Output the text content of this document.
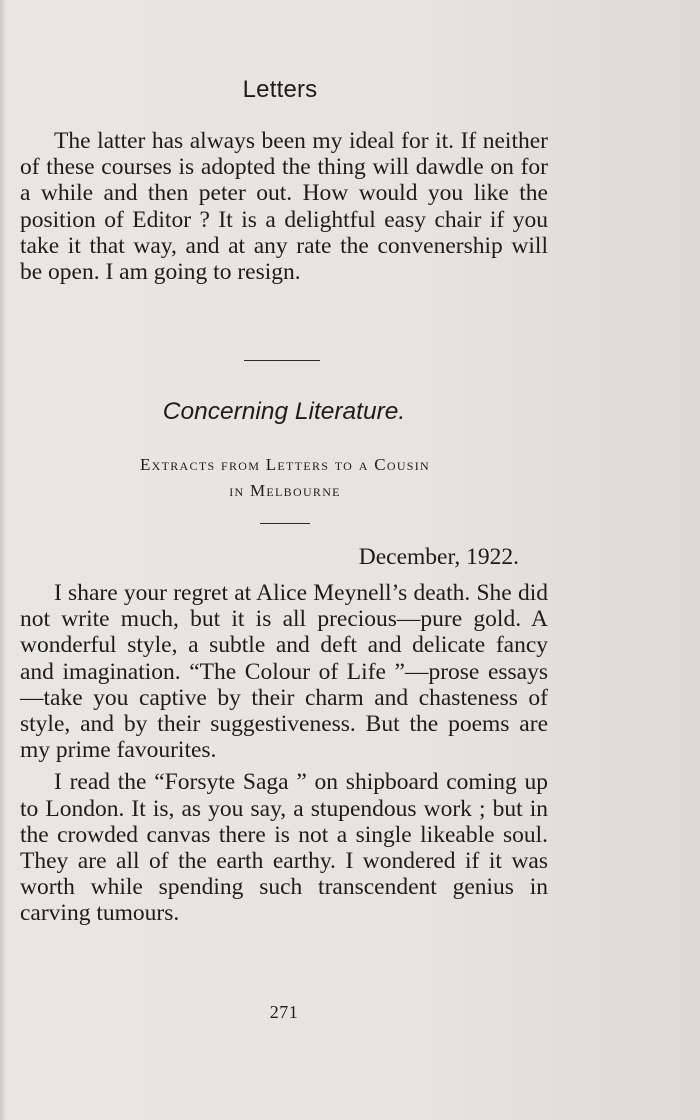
Letters

The latter has always been my ideal for it. If neither of these courses is adopted the thing will dawdle on for a while and then peter out. How would you like the position of Editor ? It is a delightful easy chair if you take it that way, and at any rate the convenership will be open. I am going to resign.

Concerning Literature.
Extracts from Letters to a Cousin
in Melbourne
December, 1922.

I share your regret at Alice Meynell’s death. She did not write much, but it is all precious—pure gold. A wonderful style, a subtle and deft and delicate fancy and imagination. “The Colour of Life ”—prose essays—take you captive by their charm and chasteness of style, and by their suggestiveness. But the poems are my prime favourites.

I read the “Forsyte Saga ” on shipboard coming up to London. It is, as you say, a stupendous work ; but in the crowded canvas there is not a single likeable soul. They are all of the earth earthy. I wondered if it was worth while spending such transcendent genius in carving tumours.

271
